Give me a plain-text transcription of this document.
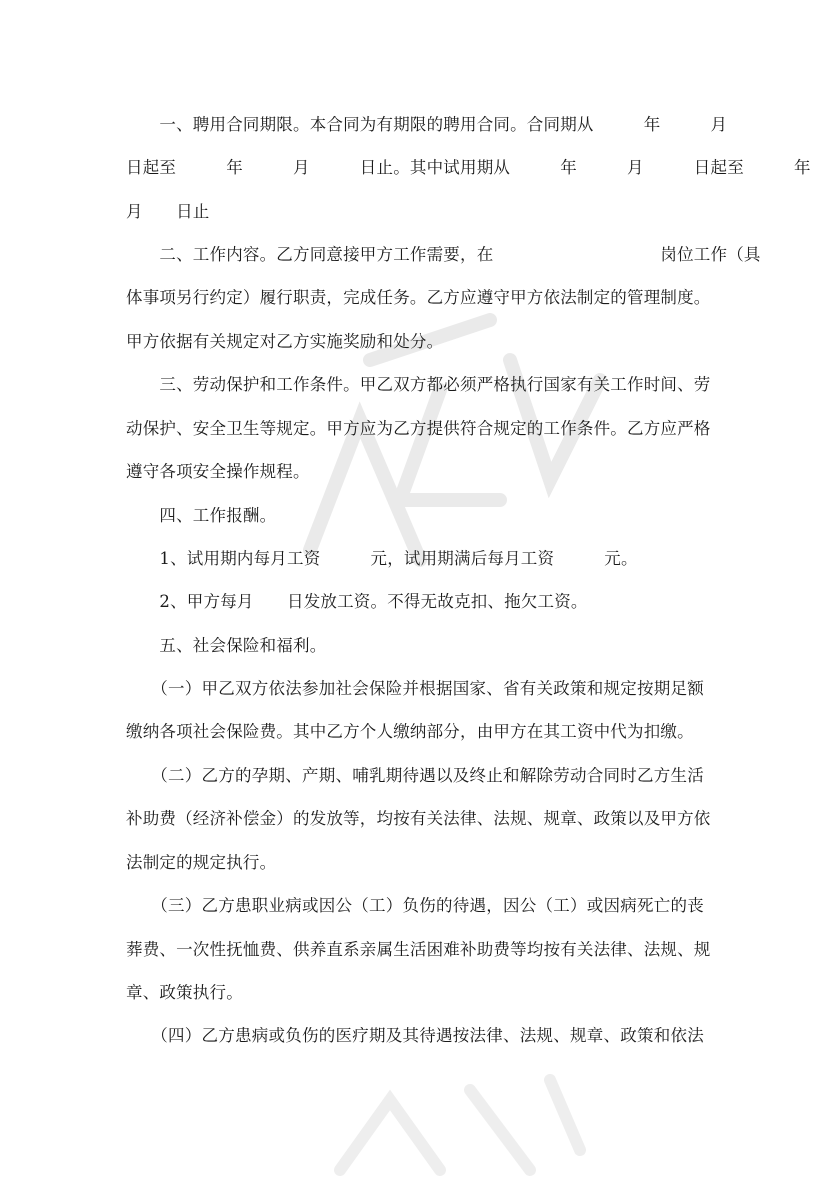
　　一、聘用合同期限。本合同为有期限的聘用合同。合同期从　　　年　　　月
日起至　　　年　　　月　　　日止。其中试用期从　　　年　　　月　　　日起至　　　年
月　　日止
　　二、工作内容。乙方同意接甲方工作需要，在　　　　　　　　　　岗位工作（具
体事项另行约定）履行职责，完成任务。乙方应遵守甲方依法制定的管理制度。
甲方依据有关规定对乙方实施奖励和处分。
　　三、劳动保护和工作条件。甲乙双方都必须严格执行国家有关工作时间、劳
动保护、安全卫生等规定。甲方应为乙方提供符合规定的工作条件。乙方应严格
遵守各项安全操作规程。
　　四、工作报酬。
　　1、试用期内每月工资　　　元，试用期满后每月工资　　　元。
　　2、甲方每月　　日发放工资。不得无故克扣、拖欠工资。
　　五、社会保险和福利。
　　（一）甲乙双方依法参加社会保险并根据国家、省有关政策和规定按期足额
缴纳各项社会保险费。其中乙方个人缴纳部分，由甲方在其工资中代为扣缴。
　　（二）乙方的孕期、产期、哺乳期待遇以及终止和解除劳动合同时乙方生活
补助费（经济补偿金）的发放等，均按有关法律、法规、规章、政策以及甲方依
法制定的规定执行。
　　（三）乙方患职业病或因公（工）负伤的待遇，因公（工）或因病死亡的丧
葬费、一次性抚恤费、供养直系亲属生活困难补助费等均按有关法律、法规、规
章、政策执行。
　　（四）乙方患病或负伤的医疗期及其待遇按法律、法规、规章、政策和依法
